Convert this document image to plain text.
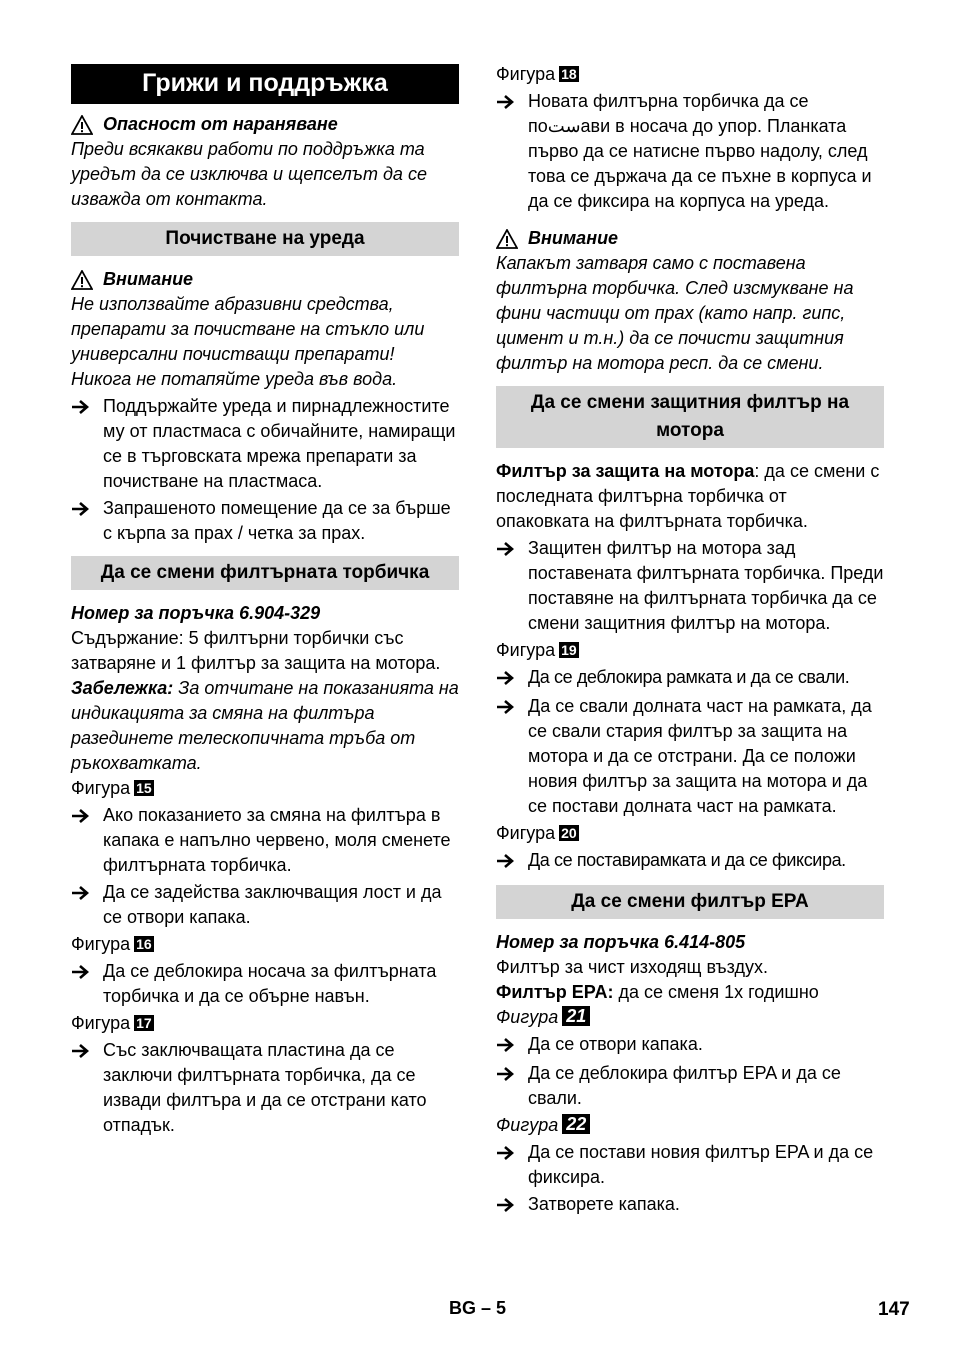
Грижи и поддръжка
Опасност от нараняване
Преди всякакви работи по поддръжка та уредът да се изключва и щепселът да се изважда от контакта.
Почистване на уреда
Внимание
Не използвайте абразивни средства, препарати за почистване на стъкло или универсални почистващи препарати! Никога не потапяйте уреда във вода.
Поддържайте уреда и пирнадлежностите му от пластмаса с обичайните, намиращи се в търговската мрежа препарати за почистване на пластмаса.
Запрашеното помещение да се за бърше с кърпа за прах / четка за прах.
Да се смени филтърната торбичка
Номер за поръчка 6.904-329
Съдържание: 5 филтърни торбички със затваряне и 1 филтър за защита на мотора.
Забележка: За отчитане на показанията на индикацията за смяна на филтъра разединете телескопичната тръба от ръкохватката.
Фигура 15
Ако показанието за смяна на филтъра в капака е напълно червено, моля сменете филтърната торбичка.
Да се задейства заключващия лост и да се отвори капака.
Фигура 16
Да се деблокира носача за филтърната торбичка и да се обърне навън.
Фигура 17
Със заключващата пластина да се заключи филтърната торбичка, да се извади филтъра и да се отстрани като отпадък.
Фигура 18
Новата филтърна торбичка да се поستави в носача до упор. Планката първо да се натисне първо надолу, след това се държача да се пъхне в корпуса и да се фиксира на корпуса на уреда.
Внимание
Капакът затваря само с поставена филтърна торбичка. След изсмукване на фини частици от прах (като напр. гипс, цимент и т.н.) да се почисти защитния филтър на мотора респ. да се смени.
Да се смени защитния филтър на мотора
Филтър за защита на мотора: да се смени с последната филтърна торбичка от опаковката на филтърната торбичка.
Защитен филтър на мотора зад поставената филтърната торбичка. Преди поставяне на филтърната торбичка да се смени защитния филтър на мотора.
Фигура 19
Да се деблокира рамката и да се свали.
Да се свали долната част на рамката, да се свали стария филтър за защита на мотора и да се отстрани. Да се положи новия филтър за защита на мотора и да се постави долната част на рамката.
Фигура 20
Да се поставирамката и да се фиксира.
Да се смени филтър EPA
Номер за поръчка 6.414-805
Филтър за чист изходящ въздух.
Филтър EPA: да се сменя 1x годишно
Фигура 21
Да се отвори капака.
Да се деблокира филтър EPA и да се свали.
Фигура 22
Да се постави новия филтър EPA и да се фиксира.
Затворете капака.
BG – 5	147
